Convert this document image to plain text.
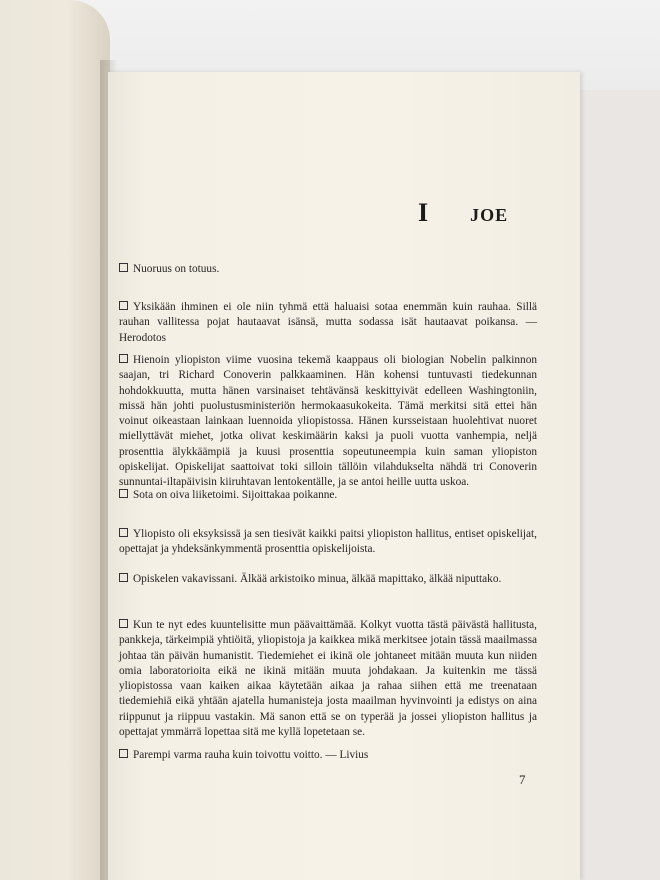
I JOE
Nuoruus on totuus.
Yksikään ihminen ei ole niin tyhmä että haluaisi sotaa enemmän kuin rauhaa. Sillä rauhan vallitessa pojat hautaavat isänsä, mutta sodassa isät hautaavat poikansa. — Herodotos
Hienoin yliopiston viime vuosina tekemä kaappaus oli biologian Nobelin palkinnon saajan, tri Richard Conoverin palkkaaminen. Hän kohensi tuntuvasti tiedekunnan hohdokkuutta, mutta hänen varsinaiset tehtävänsä keskittyivät edelleen Washingtoniin, missä hän johti puolustusministeriön hermokaasukokeita. Tämä merkitsi sitä ettei hän voinut oikeastaan lainkaan luennoida yliopistossa. Hänen kursseistaan huolehtivat nuoret miellyttävät miehet, jotka olivat keskimäärin kaksi ja puoli vuotta vanhempia, neljä prosenttia älykkäämpiä ja kuusi prosenttia sopeutuneempia kuin saman yliopiston opiskelijat. Opiskelijat saattoivat toki silloin tällöin vilahdukselta nähdä tri Conoverin sunnuntai-iltapäivisin kiiruhtavan lentokentälle, ja se antoi heille uutta uskoa.
Sota on oiva liiketoimi. Sijoittakaa poikanne.
Yliopisto oli eksyksissä ja sen tiesivät kaikki paitsi yliopiston hallitus, entiset opiskelijat, opettajat ja yhdeksänkymmentä prosenttia opiskelijoista.
Opiskelen vakavissani. Älkää arkistoiko minua, älkää mapittako, älkää niputtako.
Kun te nyt edes kuuntelisitte mun päävaittämää. Kolkyt vuotta tästä päivästä hallitusta, pankkeja, tärkeimpiä yhtiöitä, yliopistoja ja kaikkea mikä merkitsee jotain tässä maailmassa johtaa tän päivän humanistit. Tiedemiehet ei ikinä ole johtaneet mitään muuta kun niiden omia laboratorioita eikä ne ikinä mitään muuta johdakaan. Ja kuitenkin me tässä yliopistossa vaan kaiken aikaa käytetään aikaa ja rahaa siihen että me treenataan tiedemiehiä eikä yhtään ajatella humanisteja josta maailman hyvinvointi ja edistys on aina riippunut ja riippuu vastakin. Mä sanon että se on typerää ja jossei yliopiston hallitus ja opettajat ymmärrä lopettaa sitä me kyllä lopetetaan se.
Parempi varma rauha kuin toivottu voitto. — Livius
7
